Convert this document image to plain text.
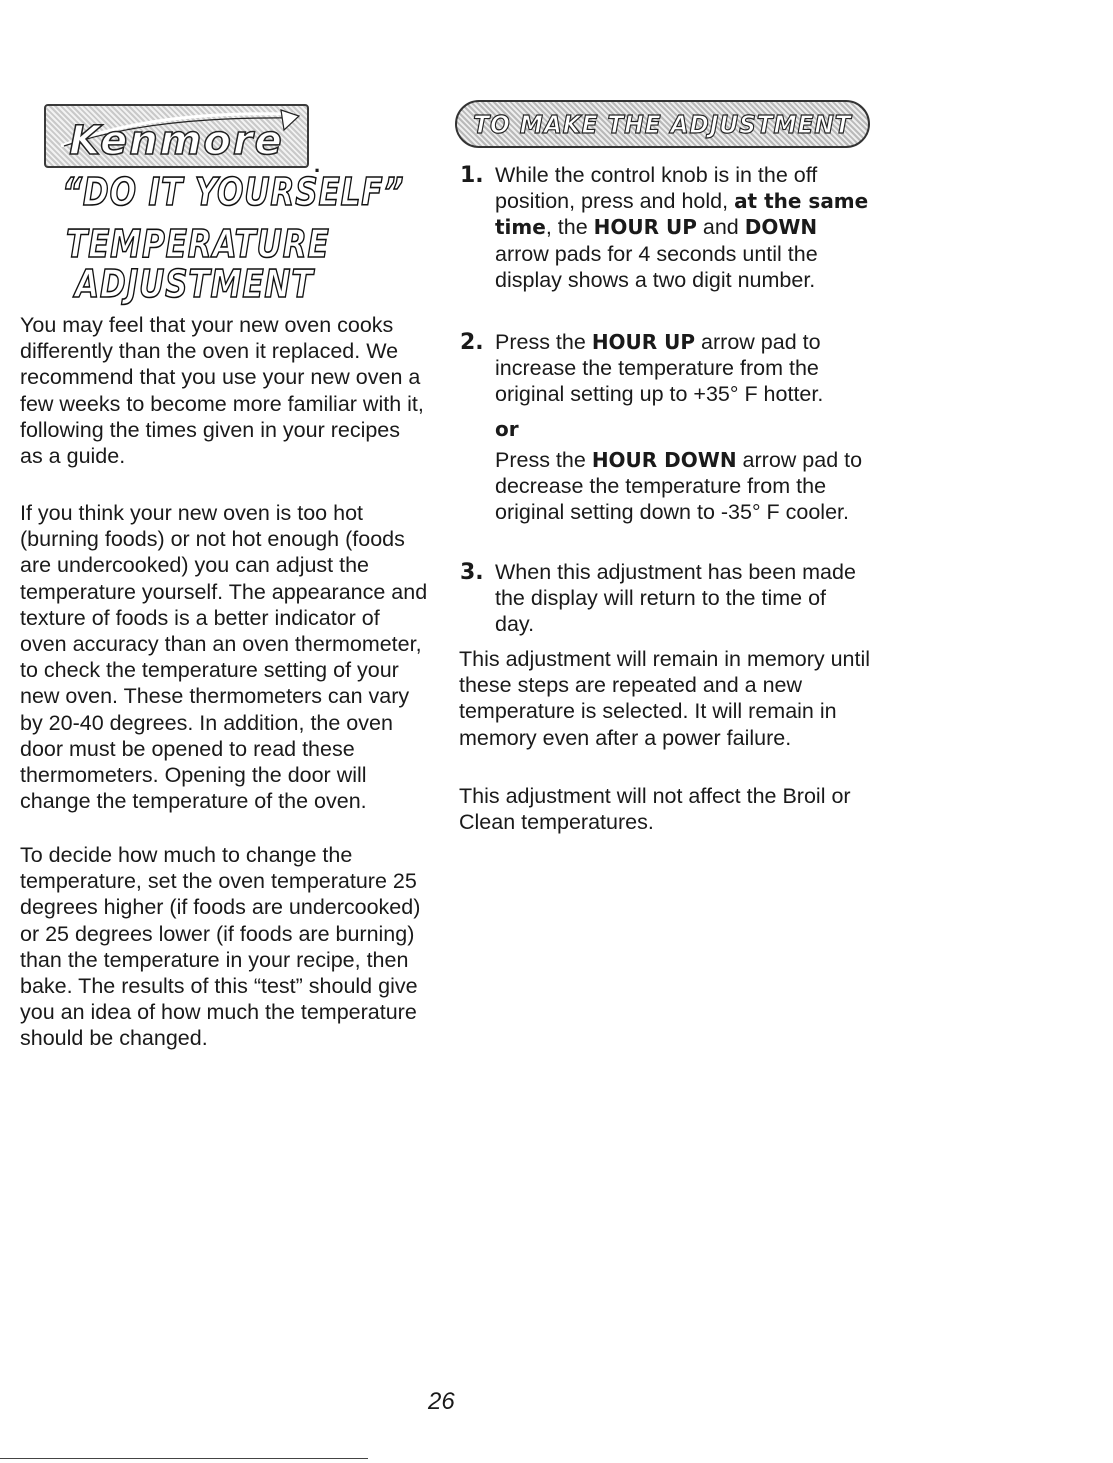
Kenmore
.
“DO IT YOURSELF”
TEMPERATURE
ADJUSTMENT

You may feel that your new oven cooks differently than the oven it replaced. We recommend that you use your new oven a few weeks to become more familiar with it, following the times given in your recipes as a guide.

If you think your new oven is too hot (burning foods) or not hot enough (foods are undercooked) you can adjust the temperature yourself. The appearance and texture of foods is a better indicator of oven accuracy than an oven thermometer, to check the temperature setting of your new oven. These thermometers can vary by 20-40 degrees. In addition, the oven door must be opened to read these thermometers. Opening the door will change the temperature of the oven.

To decide how much to change the temperature, set the oven temperature 25 degrees higher (if foods are undercooked) or 25 degrees lower (if foods are burning) than the temperature in your recipe, then bake. The results of this “test” should give you an idea of how much the temperature should be changed.

TO MAKE THE ADJUSTMENT
1. While the control knob is in the off position, press and hold, at the same time, the HOUR UP and DOWN arrow pads for 4 seconds until the display shows a two digit number.

2. Press the HOUR UP arrow pad to increase the temperature from the original setting up to +35° F hotter.

or

Press the HOUR DOWN arrow pad to decrease the temperature from the original setting down to -35° F cooler.

3. When this adjustment has been made the display will return to the time of day.

This adjustment will remain in memory until these steps are repeated and a new temperature is selected. It will remain in memory even after a power failure.

This adjustment will not affect the Broil or Clean temperatures.

26
